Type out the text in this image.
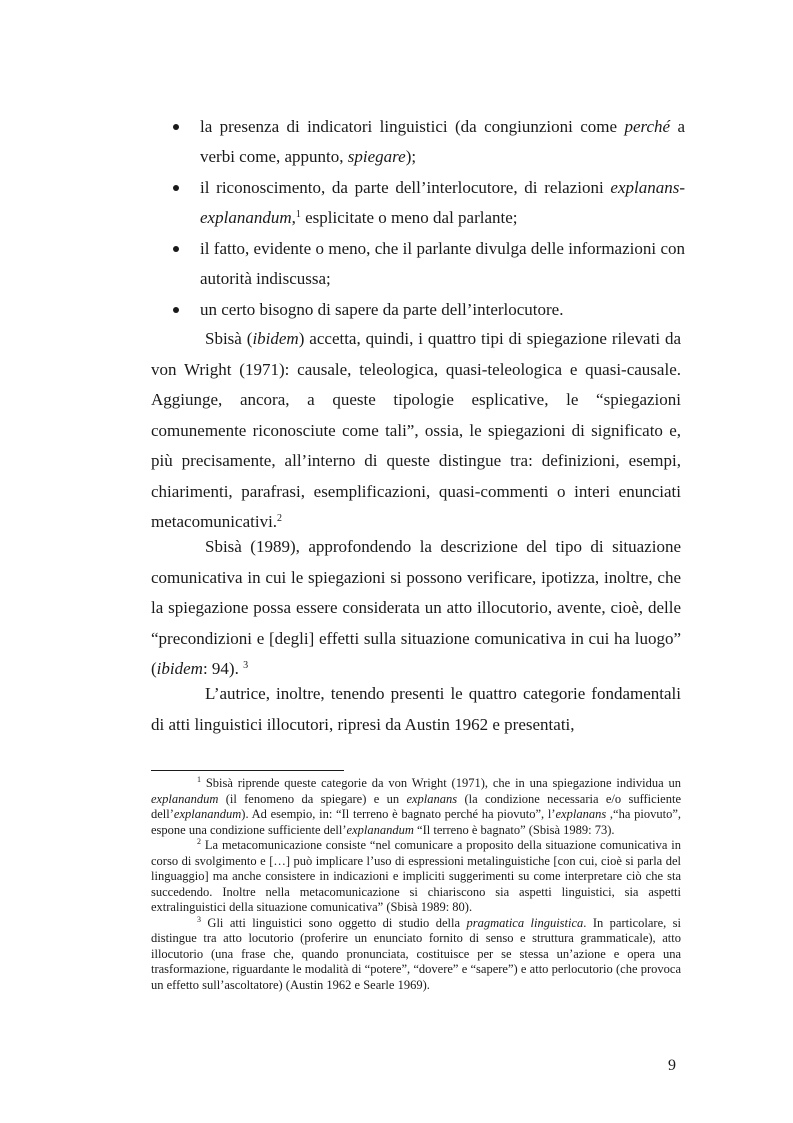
la presenza di indicatori linguistici (da congiunzioni come perché a verbi come, appunto, spiegare);
il riconoscimento, da parte dell’interlocutore, di relazioni explanans-explanandum,$^1$ esplicitate o meno dal parlante;
il fatto, evidente o meno, che il parlante divulga delle informazioni con autorità indiscussa;
un certo bisogno di sapere da parte dell’interlocutore.

Sbisà (ibidem) accetta, quindi, i quattro tipi di spiegazione rilevati da von Wright (1971): causale, teleologica, quasi-teleologica e quasi-causale. Aggiunge, ancora, a queste tipologie esplicative, le “spiegazioni comunemente riconosciute come tali”, ossia, le spiegazioni di significato e, più precisamente, all’interno di queste distingue tra: definizioni, esempi, chiarimenti, parafrasi, esemplificazioni, quasi-commenti o interi enunciati metacomunicativi.$^2$

Sbisà (1989), approfondendo la descrizione del tipo di situazione comunicativa in cui le spiegazioni si possono verificare, ipotizza, inoltre, che la spiegazione possa essere considerata un atto illocutorio, avente, cioè, delle “precondizioni e [degli] effetti sulla situazione comunicativa in cui ha luogo” (ibidem: 94). $^3$

L’autrice, inoltre, tenendo presenti le quattro categorie fondamentali di atti linguistici illocutori, ripresi da Austin 1962 e presentati,

$^1$ Sbisà riprende queste categorie da von Wright (1971), che in una spiegazione individua un explanandum (il fenomeno da spiegare) e un explanans (la condizione necessaria e/o sufficiente dell’explanandum). Ad esempio, in: “Il terreno è bagnato perché ha piovuto”, l’explanans ,“ha piovuto”, espone una condizione sufficiente dell’explanandum “Il terreno è bagnato” (Sbisà 1989: 73).

$^2$ La metacomunicazione consiste “nel comunicare a proposito della situazione comunicativa in corso di svolgimento e […] può implicare l’uso di espressioni metalinguistiche [con cui, cioè si parla del linguaggio] ma anche consistere in indicazioni e impliciti suggerimenti su come interpretare ciò che sta succedendo. Inoltre nella metacomunicazione si chiariscono sia aspetti linguistici, sia aspetti extralinguistici della situazione comunicativa” (Sbisà 1989: 80).

$^3$ Gli atti linguistici sono oggetto di studio della pragmatica linguistica. In particolare, si distingue tra atto locutorio (proferire un enunciato fornito di senso e struttura grammaticale), atto illocutorio (una frase che, quando pronunciata, costituisce per se stessa un’azione e opera una trasformazione, riguardante le modalità di “potere”, “dovere” e “sapere”) e atto perlocutorio (che provoca un effetto sull’ascoltatore) (Austin 1962 e Searle 1969).

9
